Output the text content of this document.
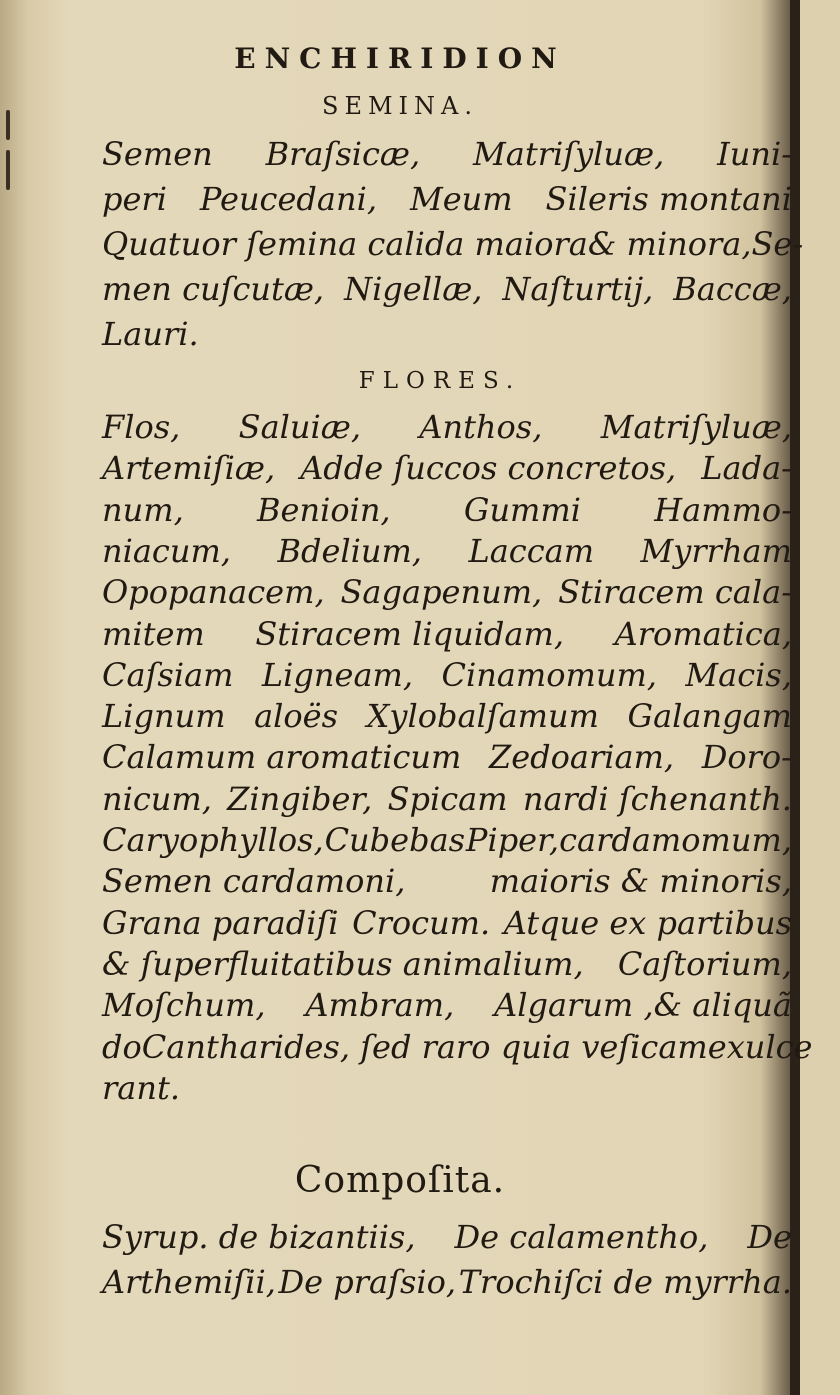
ENCHIRIDION
SEMINA.
Semen Braſsicæ, Matriſyluæ, Iuni-
peri Peucedani, Meum Sileris montani
Quatuor ſemina calida maiora & minora, Se-
men cuſcutæ, Nigellæ, Naſturtij, Baccæ,
Lauri.
FLORES.
Flos, Saluiæ, Anthos, Matriſyluæ,
Artemiſiæ, Adde ſuccos concretos, Lada-
num, Benioin, Gummi Hammo-
niacum, Bdelium, Laccam Myrrham
Opopanacem, Sagapenum, Stiracem cala-
mitem Stiracem liquidam, Aromatica,
Caſsiam Ligneam, Cinamomum, Macis,
Lignum aloës Xylobalſamum Galangam
Calamum aromaticum Zedoariam, Doro-
nicum, Zingiber, Spicam nardi ſchenanth.
Caryophyllos, Cubebas Piper,cardamomum,
Semen cardamoni,	maioris & minoris,
Grana paradiſi Crocum. Atque ex partibus
& ſuperfluitatibus animalium, Caſtorium,
Moſchum, Ambram, Algarum ,& aliquã
do Cantharides, ſed raro quia veſicam exulce
rant.
Compoſita.
Syrup. de bizantiis, De calamentho, De
Arthemiſii, De praſsio, Trochiſci de myrrha.
